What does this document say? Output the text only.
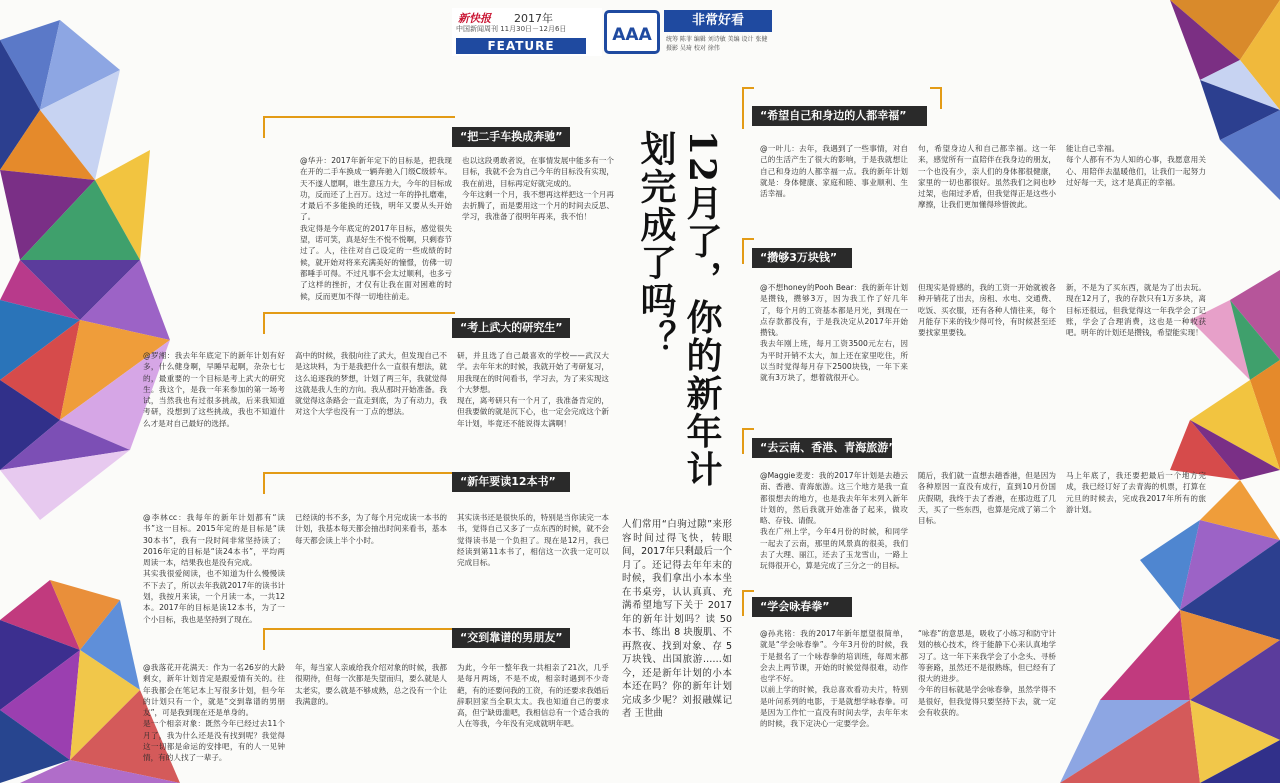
新快报 2017年
中国新闻周刊 11月30日－12月6日
FEATURE
AAA
非常好看
统筹 陈菲 编辑 刘诗敏 美编 设计 张健 摄影 吴琦 校对 徐伟
12月了，你的新年计划完成了吗？
人们常用“白驹过隙”来形容时间过得飞快，转眼间，2017年只剩最后一个月了。还记得去年年末的时候，我们拿出小本本坐在书桌旁，认认真真、充满希望地写下关于 2017 年的新年计划吗？读 50 本书、练出 8 块腹肌、不再熬夜、找到对象、存 5 万块钱、出国旅游……如今，还是新年计划的小本本还在吗？你的新年计划完成多少呢？刘报融媒记者 王世曲
“把二手车换成奔驰”
@华升：2017年新年定下的目标是，把我现在开的二手车换成一辆奔驰入门级C级轿车。天不遂人愿啊，谁生意压力大，今年的目标成功，反而还了上百万。这过一年的挣扎磨难，才最后不多能换的还钱，明年又要从头开始了。
我定得是今年底定的2017年目标，感觉很失望，诺可笑，真是好生不悦不悦啊，只剩春节过了。人，往往对自己设定的一些成绩的时候，就开始对将来充满美好的憧憬，仿佛一切都唾手可得。不过凡事不会太过顺利，也多亏了这样的挫折，才仅有让我在面对困难的时候，反而更加不得一切地往前走。
也以这段勇敢者说，在事情发展中能多有一个目标，我就不会为自己今年的目标没有实现，我在前进，目标再定好就完成的。
今年这剩一个月，我不想再这样把这一个月再去折腾了，而是要用这一个月的时间去反思、学习，我准备了很明年再来，我不怕！
“考上武大的研究生”
@罗湘：我去年年底定下的新年计划有好多，什么健身啊，早睡早起啊，杂杂七七的，最重要的一个目标是考上武大的研究生。我这个，是我一年来参加的第一场考试，当然我也有过很多挑战，后来我知道考研，没想到了这些挑战，我也不知道什么才是对自己最好的选择。
高中的时候，我很向往了武大，但发现自己不是这块料，为于是我把什么一直很有想法，就这么追逐我的梦想，计划了两三年，我就觉得这就是我人生的方向。我从那时开始准备。我就觉得这条路会一直走到底，为了有动力，我对这个大学也没有一丁点的想法。
研，并且选了自己最喜欢的学校——武汉大学。去年年末的时候，我就开始了考研复习，用我现在的时间看书，学习去，为了来实现这个大梦想。
现在，离考研只有一个月了，我准备肯定的，但我要做的就是沉下心，也一定会完成这个新年计划，毕竟还不能说得太满啊！
“新年要读12本书”
@李林cc：我每年的新年计划都有“读书”这一目标。2015年定的是目标是“读30本书”，我有一段时间非常坚持读了；2016年定的目标是“读24本书”，平均两周读一本，结果我也是没有完成。
其实我很爱阅读，也不知道为什么慢慢读不下去了，所以去年我就2017年的读书计划，我按月来读，一个月读一本，一共12本。2017年的目标是读12本书，为了一个小目标，我也是坚持到了现在。
已经读的书不多，为了每个月完成读一本书的计划，我基本每天都会抽出时间来看书，基本每天都会读上半个小时。
其实读书还是很快乐的，特别是当你读完一本书，觉得自己又多了一点东西的时候，就不会觉得读书是一个负担了。现在是12月，我已经读到第11本书了，相信这一次我一定可以完成目标。
“交到靠谱的男朋友”
@我落花开花满天：作为一名26岁的大龄剩女，新年计划肯定是跟爱情有关的。往年我都会在笔记本上写很多计划，但今年的计划只有一个，就是“交到靠谱的男朋友”，可是我到现在还是单身的。
是一个相亲对象：既然今年已经过去11个月了，我为什么还是没有找到呢？我觉得这一切都是命运的安排吧，有的人一见钟情，有的人找了一辈子。
年，每当家人亲戚给我介绍对象的时候，我都很期待，但每一次都是失望而归，要么就是人太老实，要么就是不够成熟，总之没有一个让我满意的。
为此，今年一整年我一共相亲了21次，几乎是每月两场，不是不成，相亲时遇到不少奇葩，有的还要问我的工资，有的还要求我婚后辞职回家当全职太太。我也知道自己的要求高，但宁缺毋滥吧，我相信总有一个适合我的人在等我，今年没有完成就明年吧。
“希望自己和身边的人都幸福”
@一叶儿：去年，我遇到了一些事情，对自己的生活产生了很大的影响，于是我就想让自己和身边的人都幸福一点。我的新年计划就是：身体健康、家庭和睦、事业顺利、生活幸福。
句，希望身边人和自己都幸福。这一年来，感觉所有一直陪伴在我身边的朋友，一个也没有少，亲人们的身体都很健康，家里的一切也都很好。虽然我们之间也吵过架，也闹过矛盾，但我觉得正是这些小摩擦，让我们更加懂得珍惜彼此。
能让自己幸福。
每个人都有不为人知的心事，我愿意用关心、用陪伴去温暖他们，让我们一起努力过好每一天，这才是真正的幸福。
“攒够3万块钱”
@不想honey的Pooh Bear：我的新年计划是攒钱，攒够3万，因为我工作了好几年了，每个月的工资基本都是月光，到现在一点存款都没有，于是我决定从2017年开始攒钱。
我去年刚上班，每月工资3500元左右，因为平时开销不太大，加上还在家里吃住，所以当时觉得每月存下2500块钱，一年下来就有3万块了，想着就很开心。
但现实是骨感的，我的工资一开始就被各种开销花了出去，房租、水电、交通费、吃饭、买衣服，还有各种人情往来，每个月能存下来的钱少得可怜，有时候甚至还要找家里要钱。
新，不是为了买东西，就是为了出去玩。现在12月了，我的存款只有1万多块，离目标还很远，但我觉得这一年我学会了记账，学会了合理消费，这也是一种收获吧。明年的计划还是攒钱，希望能实现！
“去云南、香港、青海旅游”
@Maggie麦麦：我的2017年计划是去趟云南、香港、青海旅游。这三个地方是我一直都很想去的地方，也是我去年年末列入新年计划的，然后我就开始准备了起来，做攻略、存钱、请假。
我在广州上学，今年4月份的时候，和同学一起去了云南，那里的风景真的很美，我们去了大理、丽江，还去了玉龙雪山，一路上玩得很开心，算是完成了三分之一的目标。
随后，我们就一直想去趟香港，但是因为各种原因一直没有成行，直到10月份国庆假期，我终于去了香港，在那边逛了几天，买了一些东西，也算是完成了第二个目标。
马上年底了，我还要把最后一个地方完成，我已经订好了去青海的机票，打算在元旦的时候去，完成我2017年所有的旅游计划。
“学会咏春拳”
@孙兆铭：我的2017年新年愿望很简单，就是“学会咏春拳”。今年3月份的时候，我于是报名了一个咏春拳的培训班，每周末都会去上两节课，开始的时候觉得很难，动作也学不好。
以前上学的时候，我总喜欢看功夫片，特别是叶问系列的电影，于是就想学咏春拳。可是因为工作忙一直没有时间去学，去年年末的时候，我下定决心一定要学会。
“咏春”的意思是，吸收了小练习和防守计划的核心技术，终于能静下心来认真地学习了。这一年下来我学会了小念头、寻桥等套路，虽然还不是很熟练，但已经有了很大的进步。
今年的目标就是学会咏春拳，虽然学得不是很好，但我觉得只要坚持下去，就一定会有收获的。
